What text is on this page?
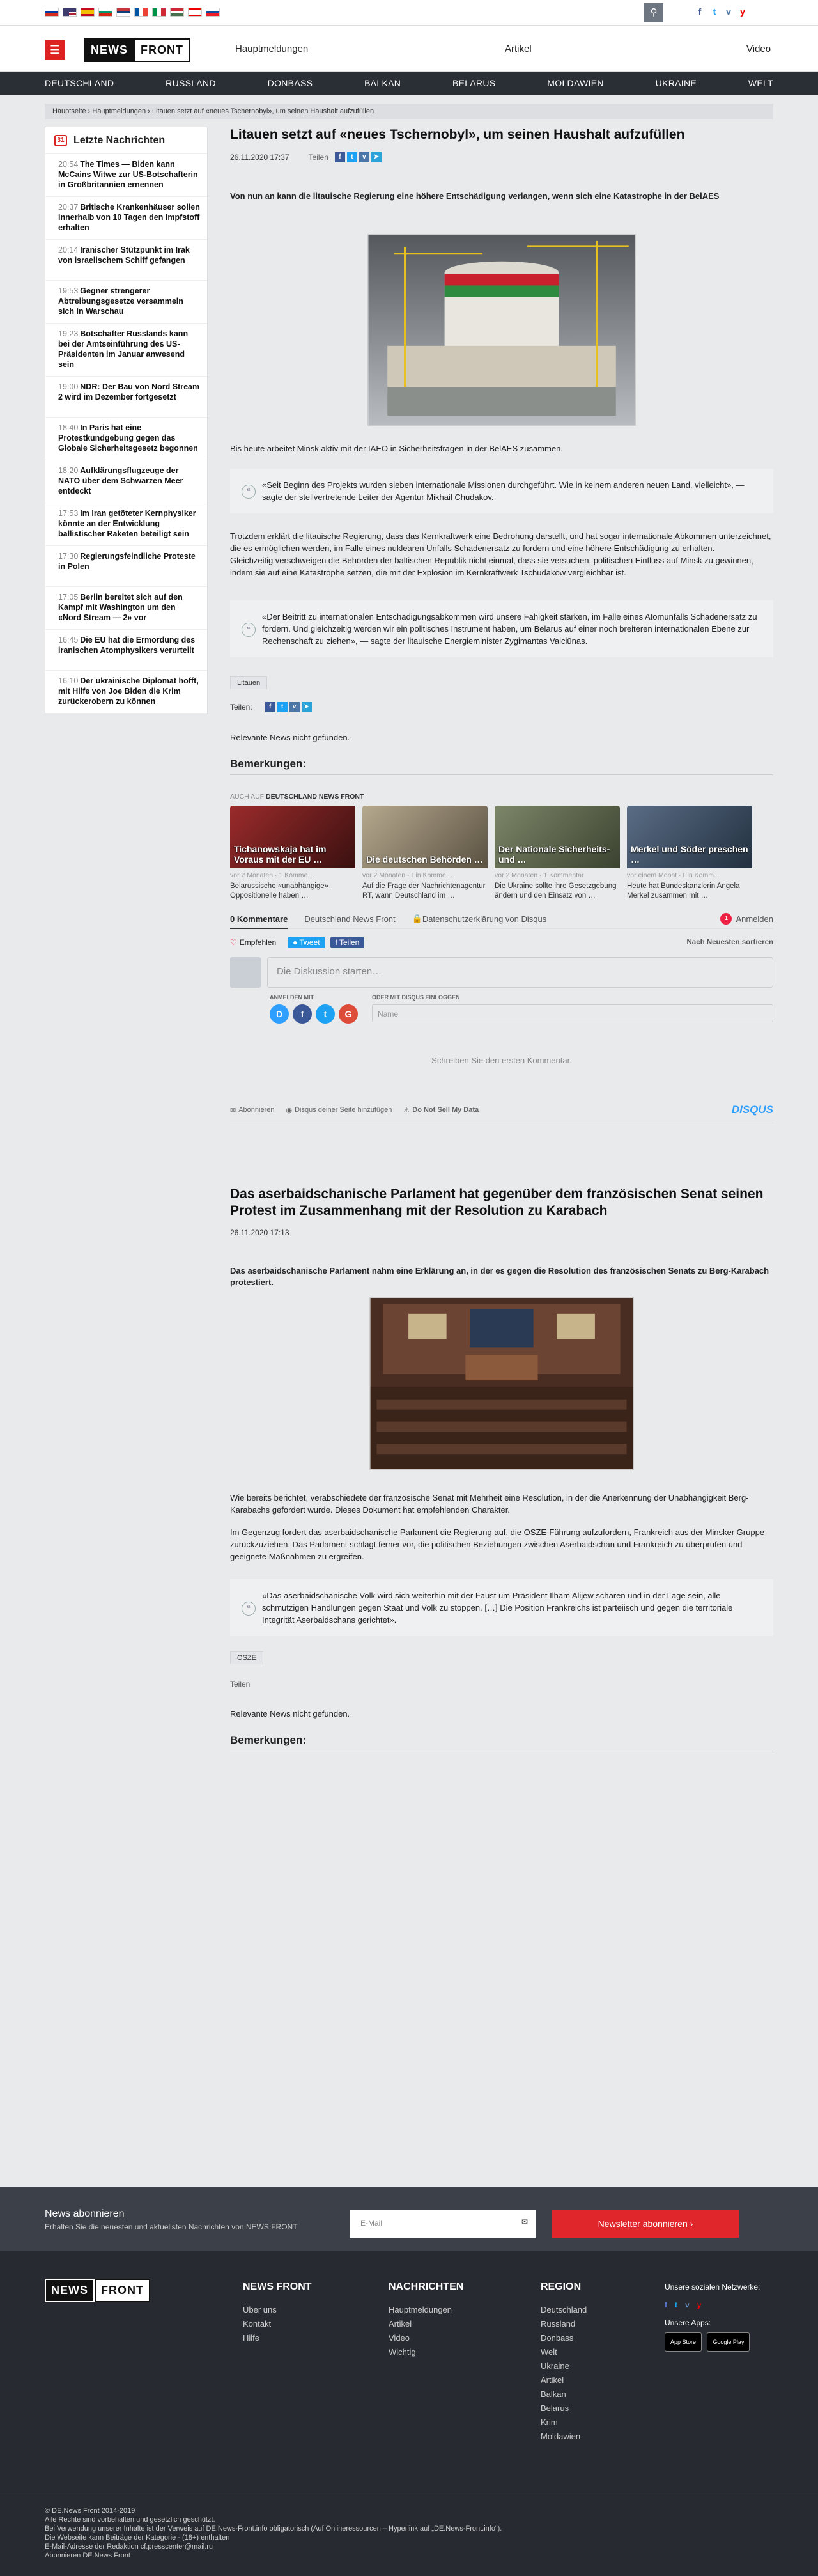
⚲	f	t	v	y
☰	NEWS	FRONT	Hauptmeldungen	Artikel	Video
DEUTSCHLAND	RUSSLAND	DONBASS	BALKAN	BELARUS	MOLDAWIEN	UKRAINE	WELT
Hauptseite › Hauptmeldungen › Litauen setzt auf «neues Tschernobyl», um seinen Haushalt aufzufüllen
31 Letzte Nachrichten
20:54 The Times — Biden kann McCains Witwe zur US-Botschafterin in Großbritannien ernennen
20:37 Britische Krankenhäuser sollen innerhalb von 10 Tagen den Impfstoff erhalten
20:14 Iranischer Stützpunkt im Irak von israelischem Schiff gefangen
19:53 Gegner strengerer Abtreibungsgesetze versammeln sich in Warschau
19:23 Botschafter Russlands kann bei der Amtseinführung des US-Präsidenten im Januar anwesend sein
19:00 NDR: Der Bau von Nord Stream 2 wird im Dezember fortgesetzt
18:40 In Paris hat eine Protestkundgebung gegen das Globale Sicherheitsgesetz begonnen
18:20 Aufklärungsflugzeuge der NATO über dem Schwarzen Meer entdeckt
17:53 Im Iran getöteter Kernphysiker könnte an der Entwicklung ballistischer Raketen beteiligt sein
17:30 Regierungsfeindliche Proteste in Polen
17:05 Berlin bereitet sich auf den Kampf mit Washington um den «Nord Stream — 2» vor
16:45 Die EU hat die Ermordung des iranischen Atomphysikers verurteilt
16:10 Der ukrainische Diplomat hofft, mit Hilfe von Joe Biden die Krim zurückerobern zu können
Litauen setzt auf «neues Tschernobyl», um seinen Haushalt aufzufüllen
26.11.2020 17:37	Teilen	f	t	v	➤

Von nun an kann die litauische Regierung eine höhere Entschädigung verlangen, wenn sich eine Katastrophe in der BelAES

Bis heute arbeitet Minsk aktiv mit der IAEO in Sicherheitsfragen in der BelAES zusammen.

❝
«Seit Beginn des Projekts wurden sieben internationale Missionen durchgeführt. Wie in keinem anderen neuen Land, vielleicht», — sagte der stellvertretende Leiter der Agentur Mikhail Chudakov.

Trotzdem erklärt die litauische Regierung, dass das Kernkraftwerk eine Bedrohung darstellt, und hat sogar internationale Abkommen unterzeichnet, die es ermöglichen werden, im Falle eines nuklearen Unfalls Schadenersatz zu fordern und eine höhere Entschädigung zu erhalten.

Gleichzeitig verschweigen die Behörden der baltischen Republik nicht einmal, dass sie versuchen, politischen Einfluss auf Minsk zu gewinnen, indem sie auf eine Katastrophe setzen, die mit der Explosion im Kernkraftwerk Tschudakow vergleichbar ist.

❝
«Der Beitritt zu internationalen Entschädigungsabkommen wird unsere Fähigkeit stärken, im Falle eines Atomunfalls Schadenersatz zu fordern. Und gleichzeitig werden wir ein politisches Instrument haben, um Belarus auf einer noch breiteren internationalen Ebene zur Rechenschaft zu ziehen», — sagte der litauische Energieminister Zygimantas Vaiciūnas.
Litauen
Teilen:	f	t	v	➤

Relevante News nicht gefunden.

Bemerkungen:
AUCH AUF DEUTSCHLAND NEWS FRONT
Tichanowskaja hat im Voraus mit der EU …
vor 2 Monaten · 1 Komme…
Belarussische «unabhängige» Oppositionelle haben …
Die deutschen Behörden …
vor 2 Monaten · Ein Komme…
Auf die Frage der Nachrichtenagentur RT, wann Deutschland im …
Der Nationale Sicherheits- und …
vor 2 Monaten · 1 Kommentar
Die Ukraine sollte ihre Gesetzgebung ändern und den Einsatz von …
Merkel und Söder preschen …
vor einem Monat · Ein Komm…
Heute hat Bundeskanzlerin Angela Merkel zusammen mit …
0 Kommentare Deutschland News Front 🔒 Datenschutzerklärung von Disqus	1 Anmelden
♡ Empfehlen	● Tweet	f Teilen	Nach Neuesten sortieren
Die Diskussion starten…
ANMELDEN MIT
D	f	t	G
ODER MIT DISQUS EINLOGGEN
Name

Schreiben Sie den ersten Kommentar.

✉ Abonnieren ◉ Disqus deiner Seite hinzufügen ⚠ Do Not Sell My Data	DISQUS
Das aserbaidschanische Parlament hat gegenüber dem französischen Senat seinen Protest im Zusammenhang mit der Resolution zu Karabach
26.11.2020 17:13

Das aserbaidschanische Parlament nahm eine Erklärung an, in der es gegen die Resolution des französischen Senats zu Berg-Karabach protestiert.

Wie bereits berichtet, verabschiedete der französische Senat mit Mehrheit eine Resolution, in der die Anerkennung der Unabhängigkeit Berg-Karabachs gefordert wurde. Dieses Dokument hat empfehlenden Charakter.

Im Gegenzug fordert das aserbaidschanische Parlament die Regierung auf, die OSZE-Führung aufzufordern, Frankreich aus der Minsker Gruppe zurückzuziehen. Das Parlament schlägt ferner vor, die politischen Beziehungen zwischen Aserbaidschan und Frankreich zu überprüfen und geeignete Maßnahmen zu ergreifen.

❝
«Das aserbaidschanische Volk wird sich weiterhin mit der Faust um Präsident Ilham Alijew scharen und in der Lage sein, alle schmutzigen Handlungen gegen Staat und Volk zu stoppen. […] Die Position Frankreichs ist parteiisch und gegen die territoriale Integrität Aserbaidschans gerichtet».
OSZE
Teilen

Relevante News nicht gefunden.

Bemerkungen:
News abonnieren
Erhalten Sie die neuesten und aktuellsten Nachrichten von NEWS FRONT	E-Mail	✉	Newsletter abonnieren ›
NEWS	FRONT	NEWS FRONT
Über uns
Kontakt
Hilfe
NACHRICHTEN
Hauptmeldungen
Artikel
Video
Wichtig
REGION
Deutschland
Russland
Donbass
Welt
Ukraine
Artikel
Balkan
Belarus
Krim
Moldawien
Unsere sozialen Netzwerke:
f t v y
Unsere Apps:
App Store	Google Play
© DE.News Front 2014-2019
Alle Rechte sind vorbehalten und gesetzlich geschützt.
Bei Verwendung unserer Inhalte ist der Verweis auf DE.News-Front.info obligatorisch (Auf Onlineressourcen – Hyperlink auf „DE.News-Front.info“).
Die Webseite kann Beiträge der Kategorie - (18+) enthalten
E-Mail-Adresse der Redaktion cf.presscenter@mail.ru
Abonnieren DE.News Front
